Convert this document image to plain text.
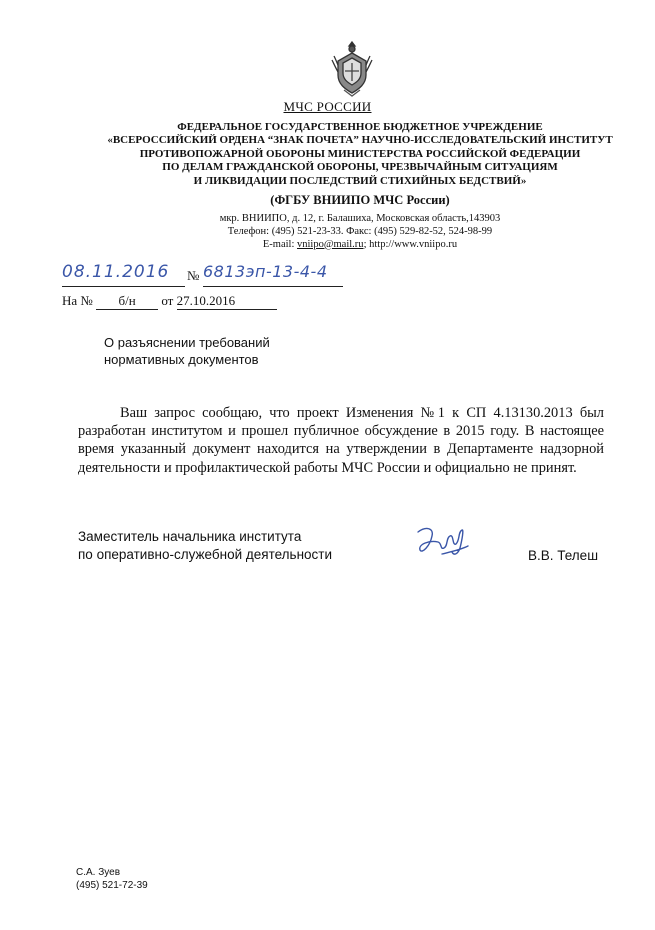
МЧС РОССИИ
ФЕДЕРАЛЬНОЕ ГОСУДАРСТВЕННОЕ БЮДЖЕТНОЕ УЧРЕЖДЕНИЕ
«ВСЕРОССИЙСКИЙ ОРДЕНА “ЗНАК ПОЧЕТА” НАУЧНО-ИССЛЕДОВАТЕЛЬСКИЙ ИНСТИТУТ
ПРОТИВОПОЖАРНОЙ ОБОРОНЫ МИНИСТЕРСТВА РОССИЙСКОЙ ФЕДЕРАЦИИ
ПО ДЕЛАМ ГРАЖДАНСКОЙ ОБОРОНЫ, ЧРЕЗВЫЧАЙНЫМ СИТУАЦИЯМ
И ЛИКВИДАЦИИ ПОСЛЕДСТВИЙ СТИХИЙНЫХ БЕДСТВИЙ»
(ФГБУ ВНИИПО МЧС России)
мкр. ВНИИПО, д. 12, г. Балашиха, Московская область,143903
Телефон: (495) 521-23-33. Факс: (495) 529-82-52, 524-98-99
E-mail: vniipo@mail.ru; http://www.vniipo.ru
08.11.2016	№ 6813эп-13-4-4
На № б/н от 27.10.2016
О разъяснении требований
нормативных документов

Ваш запрос сообщаю, что проект Изменения №1 к СП 4.13130.2013 был разработан институтом и прошел публичное обсуждение в 2015 году. В настоящее время указанный документ находится на утверждении в Департаменте надзорной деятельности и профилактической работы МЧС России и официально не принят.

Заместитель начальника института
по оперативно-служебной деятельности	В.В. Телеш
С.А. Зуев
(495) 521-72-39
